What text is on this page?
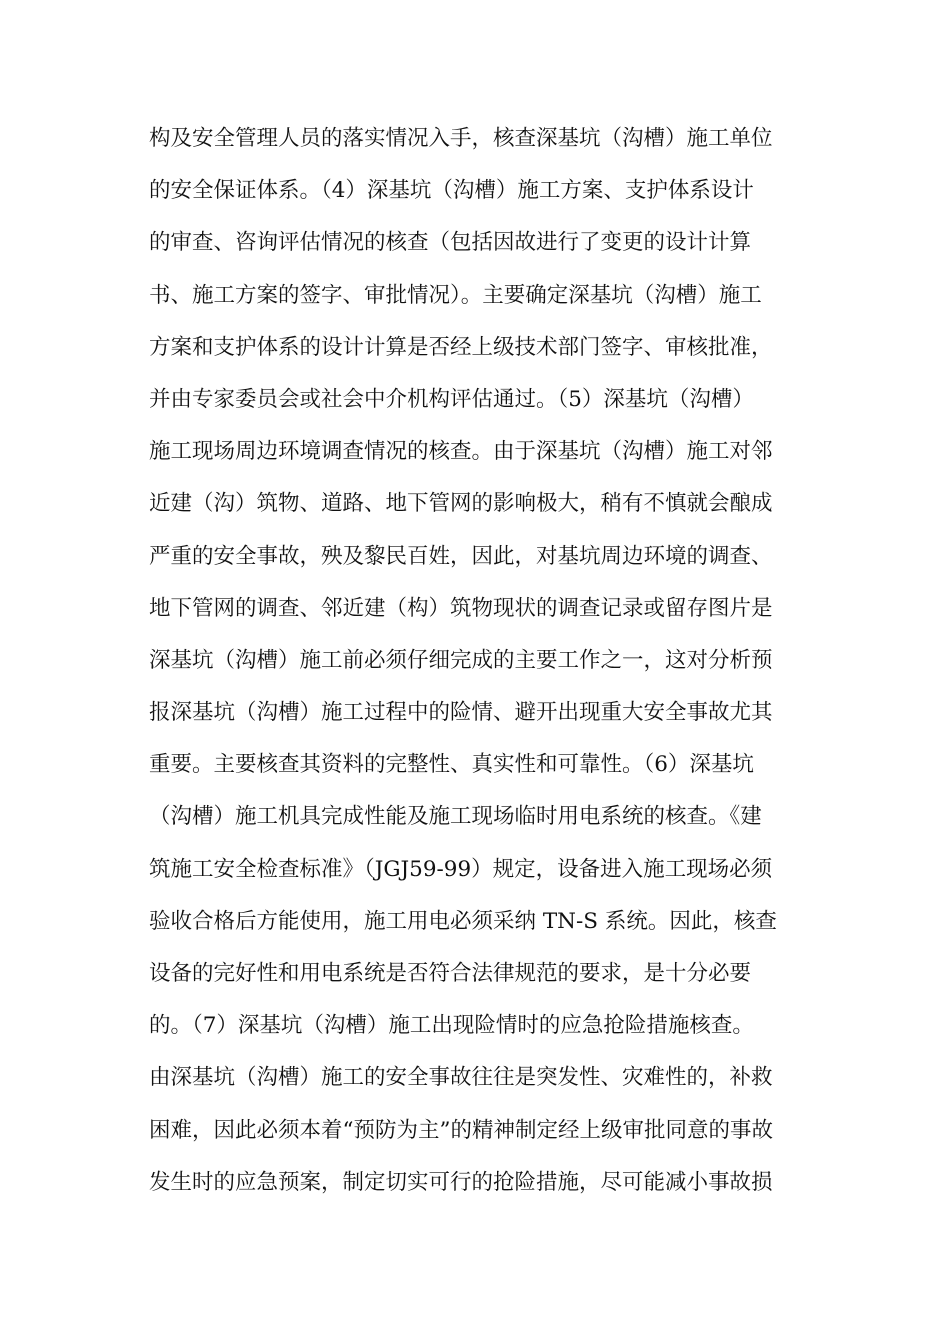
构及安全管理人员的落实情况入手，核查深基坑（沟槽）施工单位
的安全保证体系。（4）深基坑（沟槽）施工方案、支护体系设计
的审查、咨询评估情况的核查（包括因故进行了变更的设计计算
书、施工方案的签字、审批情况）。主要确定深基坑（沟槽）施工
方案和支护体系的设计计算是否经上级技术部门签字、审核批准，
并由专家委员会或社会中介机构评估通过。（5）深基坑（沟槽）
施工现场周边环境调查情况的核查。由于深基坑（沟槽）施工对邻
近建（沟）筑物、道路、地下管网的影响极大，稍有不慎就会酿成
严重的安全事故，殃及黎民百姓，因此，对基坑周边环境的调查、
地下管网的调查、邻近建（构）筑物现状的调查记录或留存图片是
深基坑（沟槽）施工前必须仔细完成的主要工作之一，这对分析预
报深基坑（沟槽）施工过程中的险情、避开出现重大安全事故尤其
重要。主要核查其资料的完整性、真实性和可靠性。（6）深基坑
（沟槽）施工机具完成性能及施工现场临时用电系统的核查。《建
筑施工安全检查标准》（JGJ59-99）规定，设备进入施工现场必须
验收合格后方能使用，施工用电必须采纳 TN-S 系统。因此，核查
设备的完好性和用电系统是否符合法律规范的要求，是十分必要
的。（7）深基坑（沟槽）施工出现险情时的应急抢险措施核查。
由深基坑（沟槽）施工的安全事故往往是突发性、灾难性的，补救
困难，因此必须本着“预防为主”的精神制定经上级审批同意的事故
发生时的应急预案，制定切实可行的抢险措施，尽可能减小事故损
